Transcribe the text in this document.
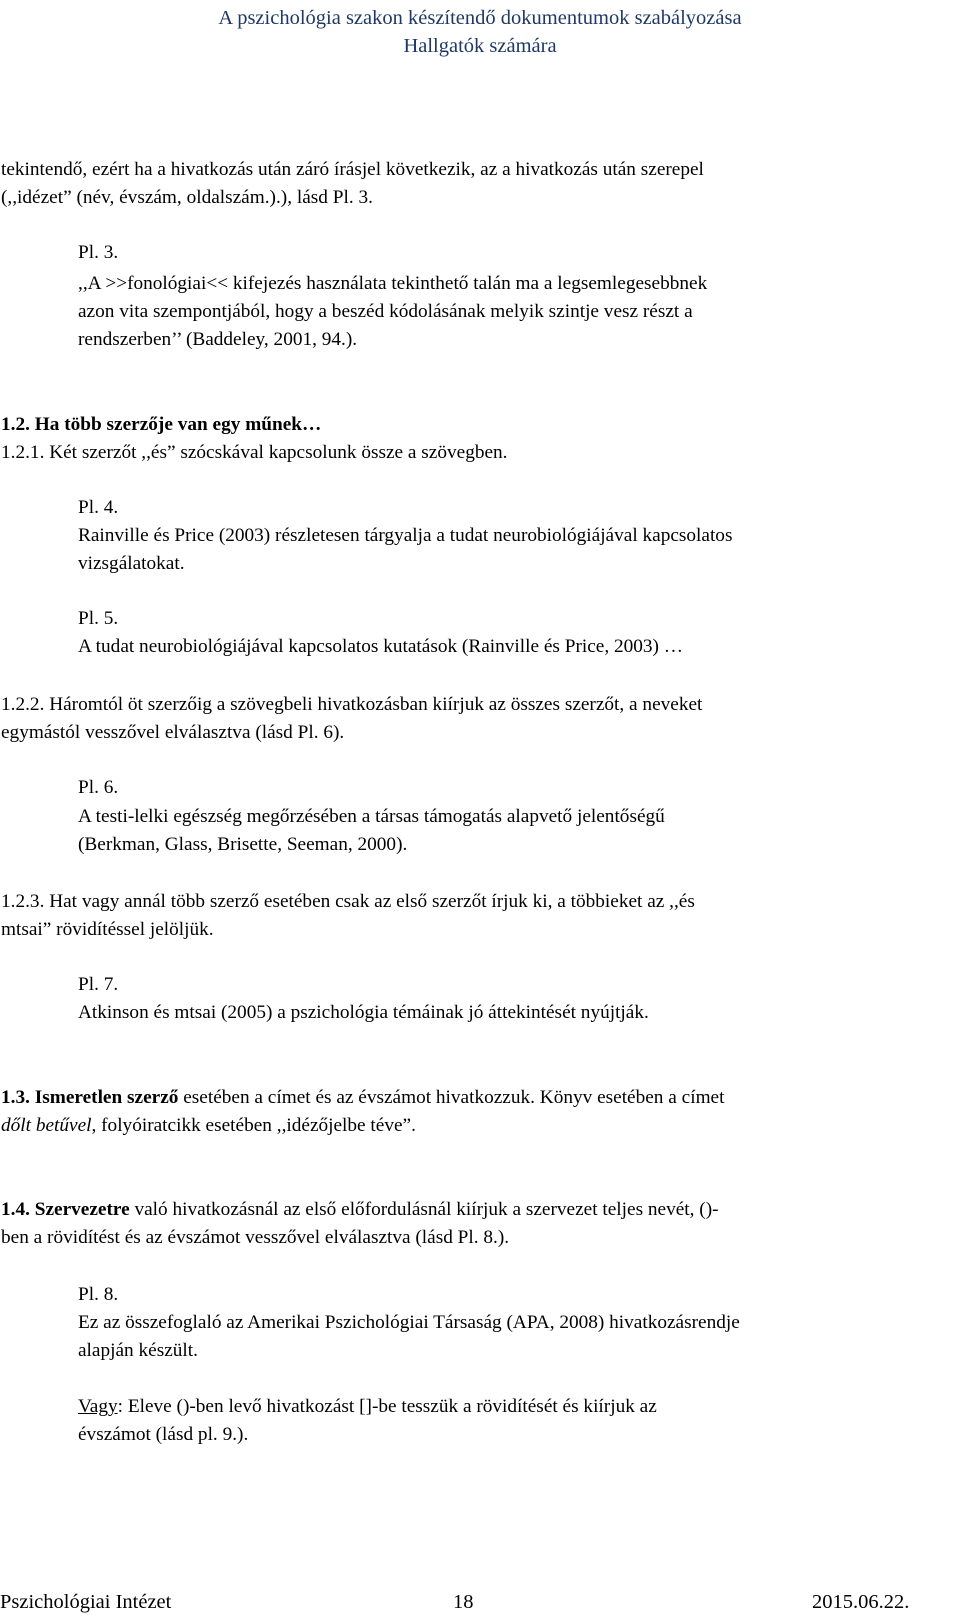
A pszichológia szakon készítendő dokumentumok szabályozása
Hallgatók számára
tekintendő, ezért ha a hivatkozás után záró írásjel következik, az a hivatkozás után szerepel
(,,idézet” (név, évszám, oldalszám.).), lásd Pl. 3.
Pl. 3.
,,A >>fonológiai<< kifejezés használata tekinthető talán ma a legsemlegesebbnek
azon vita szempontjából, hogy a beszéd kódolásának melyik szintje vesz részt a
rendszerben’’ (Baddeley, 2001, 94.).
1.2. Ha több szerzője van egy műnek…
1.2.1. Két szerzőt ,,és” szócskával kapcsolunk össze a szövegben.
Pl. 4.
Rainville és Price (2003) részletesen tárgyalja a tudat neurobiológiájával kapcsolatos
vizsgálatokat.
Pl. 5.
A tudat neurobiológiájával kapcsolatos kutatások (Rainville és Price, 2003) …
1.2.2. Háromtól öt szerzőig a szövegbeli hivatkozásban kiírjuk az összes szerzőt, a neveket
egymástól vesszővel elválasztva (lásd Pl. 6).
Pl. 6.
A testi-lelki egészség megőrzésében a társas támogatás alapvető jelentőségű
(Berkman, Glass, Brisette, Seeman, 2000).
1.2.3. Hat vagy annál több szerző esetében csak az első szerzőt írjuk ki, a többieket az ,,és
mtsai” rövidítéssel jelöljük.
Pl. 7.
Atkinson és mtsai (2005) a pszichológia témáinak jó áttekintését nyújtják.
1.3. Ismeretlen szerző esetében a címet és az évszámot hivatkozzuk. Könyv esetében a címet
dőlt betűvel, folyóiratcikk esetében ,,idézőjelbe téve”.
1.4. Szervezetre való hivatkozásnál az első előfordulásnál kiírjuk a szervezet teljes nevét, ()-
ben a rövidítést és az évszámot vesszővel elválasztva (lásd Pl. 8.).
Pl. 8.
Ez az összefoglaló az Amerikai Pszichológiai Társaság (APA, 2008) hivatkozásrendje
alapján készült.
Vagy: Eleve ()-ben levő hivatkozást []-be tesszük a rövidítését és kiírjuk az
évszámot (lásd pl. 9.).
Pszichológiai Intézet	18	2015.06.22.
